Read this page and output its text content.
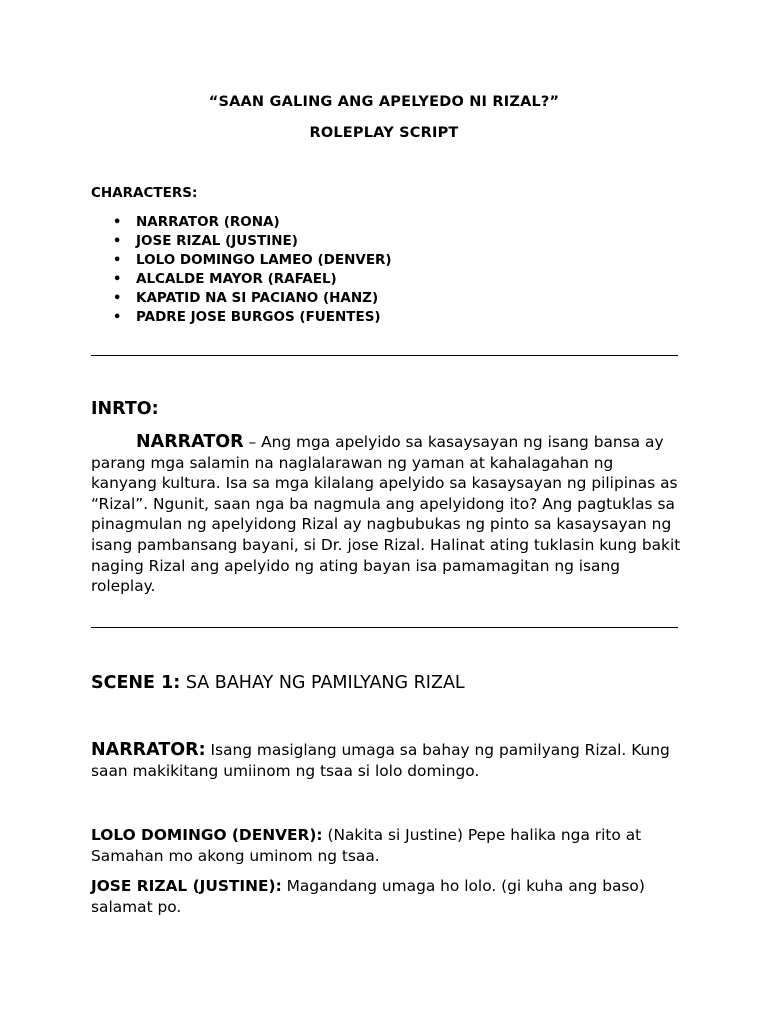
“SAAN GALING ANG APELYEDO NI RIZAL?”
ROLEPLAY SCRIPT
CHARACTERS:
• NARRATOR (RONA)
• JOSE RIZAL (JUSTINE)
• LOLO DOMINGO LAMEO (DENVER)
• ALCALDE MAYOR (RAFAEL)
• KAPATID NA SI PACIANO (HANZ)
• PADRE JOSE BURGOS (FUENTES)
INRTO:
NARRATOR – Ang mga apelyido sa kasaysayan ng isang bansa ay parang mga salamin na naglalarawan ng yaman at kahalagahan ng kanyang kultura. Isa sa mga kilalang apelyido sa kasaysayan ng pilipinas as “Rizal”. Ngunit, saan nga ba nagmula ang apelyidong ito? Ang pagtuklas sa pinagmulan ng apelyidong Rizal ay nagbubukas ng pinto sa kasaysayan ng isang pambansang bayani, si Dr. jose Rizal. Halinat ating tuklasin kung bakit naging Rizal ang apelyido ng ating bayan isa pamamagitan ng isang roleplay.
SCENE 1: SA BAHAY NG PAMILYANG RIZAL
NARRATOR: Isang masiglang umaga sa bahay ng pamilyang Rizal. Kung saan makikitang umiinom ng tsaa si lolo domingo.
LOLO DOMINGO (DENVER): (Nakita si Justine) Pepe halika nga rito at Samahan mo akong uminom ng tsaa.
JOSE RIZAL (JUSTINE): Magandang umaga ho lolo. (gi kuha ang baso) salamat po.
